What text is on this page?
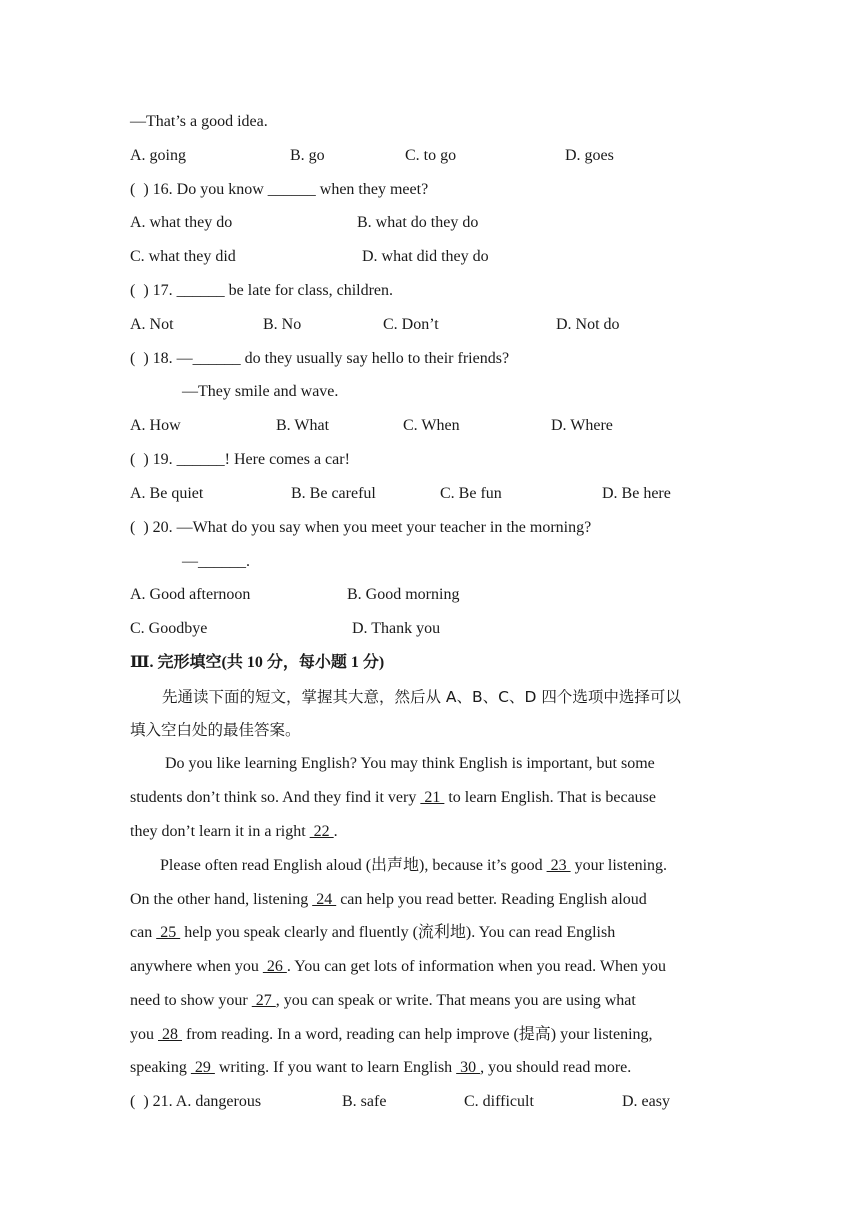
—That’s a good idea.
A. going	B. go	C. to go	D. goes
(  ) 16. Do you know ______ when they meet?
A. what they do	B. what do they do
C. what they did	D. what did they do
(  ) 17. ______ be late for class, children.
A. Not	B. No	C. Don’t	D. Not do
(  ) 18. —______ do they usually say hello to their friends?
—They smile and wave.
A. How	B. What	C. When	D. Where
(  ) 19. ______! Here comes a car!
A. Be quiet	B. Be careful	C. Be fun	D. Be here
(  ) 20. —What do you say when you meet your teacher in the morning?
—______.
A. Good afternoon	B. Good morning
C. Goodbye	D. Thank you
Ⅲ. 完形填空(共 10 分，每小题 1 分)
先通读下面的短文，掌握其大意，然后从 A、B、C、D 四个选项中选择可以
填入空白处的最佳答案。
Do you like learning English? You may think English is important, but some
students don’t think so. And they find it very  21  to learn English. That is because
they don’t learn it in a right  22 .
Please often read English aloud (出声地), because it’s good  23  your listening.
On the other hand, listening  24  can help you read better. Reading English aloud
can  25  help you speak clearly and fluently (流利地). You can read English
anywhere when you  26 . You can get lots of information when you read. When you
need to show your  27 , you can speak or write. That means you are using what
you  28  from reading. In a word, reading can help improve (提高) your listening,
speaking  29  writing. If you want to learn English  30 , you should read more.
(  ) 21. A. dangerous	B. safe	C. difficult	D. easy
